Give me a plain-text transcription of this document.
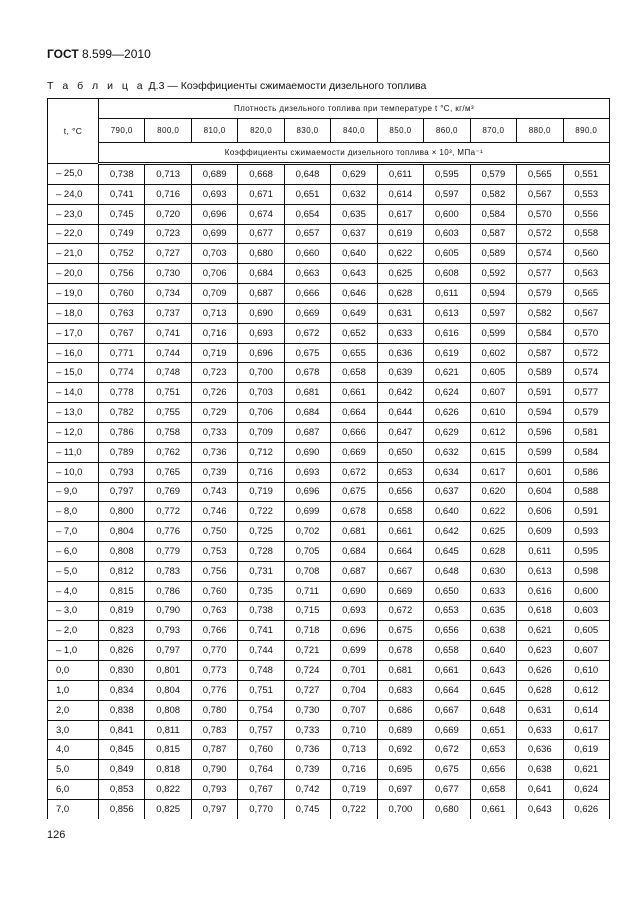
ГОСТ 8.599—2010
Т а б л и ц а Д.3 — Коэффициенты сжимаемости дизельного топлива
t, °C	Плотность дизельного топлива при температуре t °C, кг/м³										
	790,0	800,0	810,0	820,0	830,0	840,0	850,0	860,0	870,0	880,0	890,0
	Коэффициенты сжимаемости дизельного топлива × 10³, МПа⁻¹										
– 25,0	0,738	0,713	0,689	0,668	0,648	0,629	0,611	0,595	0,579	0,565	0,551
– 24,0	0,741	0,716	0,693	0,671	0,651	0,632	0,614	0,597	0,582	0,567	0,553
– 23,0	0,745	0,720	0,696	0,674	0,654	0,635	0,617	0,600	0,584	0,570	0,556
– 22,0	0,749	0,723	0,699	0,677	0,657	0,637	0,619	0,603	0,587	0,572	0,558
– 21,0	0,752	0,727	0,703	0,680	0,660	0,640	0,622	0,605	0,589	0,574	0,560
– 20,0	0,756	0,730	0,706	0,684	0,663	0,643	0,625	0,608	0,592	0,577	0,563
– 19,0	0,760	0,734	0,709	0,687	0,666	0,646	0,628	0,611	0,594	0,579	0,565
– 18,0	0,763	0,737	0,713	0,690	0,669	0,649	0,631	0,613	0,597	0,582	0,567
– 17,0	0,767	0,741	0,716	0,693	0,672	0,652	0,633	0,616	0,599	0,584	0,570
– 16,0	0,771	0,744	0,719	0,696	0,675	0,655	0,636	0,619	0,602	0,587	0,572
– 15,0	0,774	0,748	0,723	0,700	0,678	0,658	0,639	0,621	0,605	0,589	0,574
– 14,0	0,778	0,751	0,726	0,703	0,681	0,661	0,642	0,624	0,607	0,591	0,577
– 13,0	0,782	0,755	0,729	0,706	0,684	0,664	0,644	0,626	0,610	0,594	0,579
– 12,0	0,786	0,758	0,733	0,709	0,687	0,666	0,647	0,629	0,612	0,596	0,581
– 11,0	0,789	0,762	0,736	0,712	0,690	0,669	0,650	0,632	0,615	0,599	0,584
– 10,0	0,793	0,765	0,739	0,716	0,693	0,672	0,653	0,634	0,617	0,601	0,586
– 9,0	0,797	0,769	0,743	0,719	0,696	0,675	0,656	0,637	0,620	0,604	0,588
– 8,0	0,800	0,772	0,746	0,722	0,699	0,678	0,658	0,640	0,622	0,606	0,591
– 7,0	0,804	0,776	0,750	0,725	0,702	0,681	0,661	0,642	0,625	0,609	0,593
– 6,0	0,808	0,779	0,753	0,728	0,705	0,684	0,664	0,645	0,628	0,611	0,595
– 5,0	0,812	0,783	0,756	0,731	0,708	0,687	0,667	0,648	0,630	0,613	0,598
– 4,0	0,815	0,786	0,760	0,735	0,711	0,690	0,669	0,650	0,633	0,616	0,600
– 3,0	0,819	0,790	0,763	0,738	0,715	0,693	0,672	0,653	0,635	0,618	0,603
– 2,0	0,823	0,793	0,766	0,741	0,718	0,696	0,675	0,656	0,638	0,621	0,605
– 1,0	0,826	0,797	0,770	0,744	0,721	0,699	0,678	0,658	0,640	0,623	0,607
0,0	0,830	0,801	0,773	0,748	0,724	0,701	0,681	0,661	0,643	0,626	0,610
1,0	0,834	0,804	0,776	0,751	0,727	0,704	0,683	0,664	0,645	0,628	0,612
2,0	0,838	0,808	0,780	0,754	0,730	0,707	0,686	0,667	0,648	0,631	0,614
3,0	0,841	0,811	0,783	0,757	0,733	0,710	0,689	0,669	0,651	0,633	0,617
4,0	0,845	0,815	0,787	0,760	0,736	0,713	0,692	0,672	0,653	0,636	0,619
5,0	0,849	0,818	0,790	0,764	0,739	0,716	0,695	0,675	0,656	0,638	0,621
6,0	0,853	0,822	0,793	0,767	0,742	0,719	0,697	0,677	0,658	0,641	0,624
7,0	0,856	0,825	0,797	0,770	0,745	0,722	0,700	0,680	0,661	0,643	0,626
126
